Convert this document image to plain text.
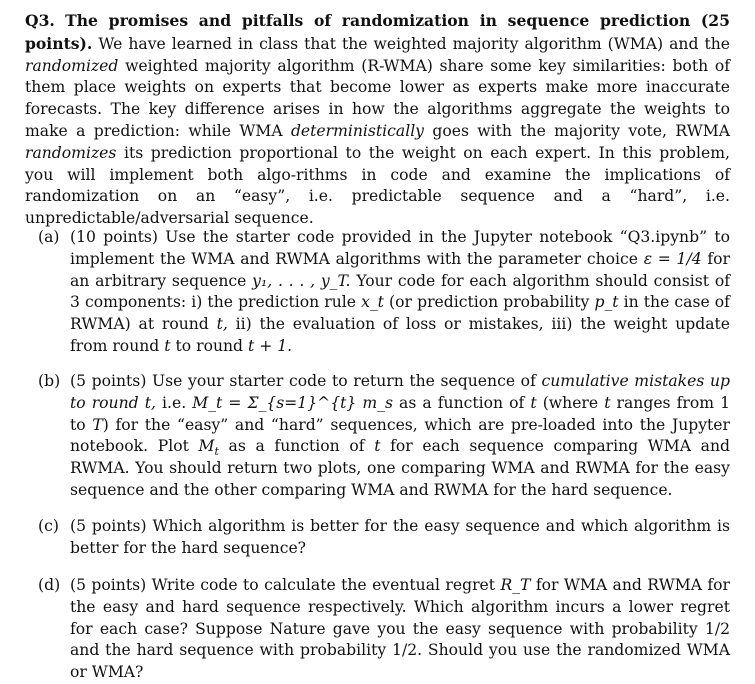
Q3. The promises and pitfalls of randomization in sequence prediction (25 points). We have learned in class that the weighted majority algorithm (WMA) and the randomized weighted majority algorithm (R-WMA) share some key similarities: both of them place weights on experts that become lower as experts make more inaccurate forecasts. The key difference arises in how the algorithms aggregate the weights to make a prediction: while WMA deterministically goes with the majority vote, RWMA randomizes its prediction proportional to the weight on each expert. In this problem, you will implement both algo-rithms in code and examine the implications of randomization on an “easy”, i.e. predictable sequence and a “hard”, i.e. unpredictable/adversarial sequence.
(a) (10 points) Use the starter code provided in the Jupyter notebook “Q3.ipynb” to implement the WMA and RWMA algorithms with the parameter choice ε = 1/4 for an arbitrary sequence y₁, . . . , y_T. Your code for each algorithm should consist of 3 components: i) the prediction rule x_t (or prediction probability p_t in the case of RWMA) at round t, ii) the evaluation of loss or mistakes, iii) the weight update from round t to round t + 1.
(b) (5 points) Use your starter code to return the sequence of cumulative mistakes up to round t, i.e. M_t = Σ_{s=1}^{t} m_s as a function of t (where t ranges from 1 to T) for the “easy” and “hard” sequences, which are pre-loaded into the Jupyter notebook. Plot $M_t$ as a function of t for each sequence comparing WMA and RWMA. You should return two plots, one comparing WMA and RWMA for the easy sequence and the other comparing WMA and RWMA for the hard sequence.
(c) (5 points) Which algorithm is better for the easy sequence and which algorithm is better for the hard sequence?
(d) (5 points) Write code to calculate the eventual regret R_T for WMA and RWMA for the easy and hard sequence respectively. Which algorithm incurs a lower regret for each case? Suppose Nature gave you the easy sequence with probability 1/2 and the hard sequence with probability 1/2. Should you use the randomized WMA or WMA?
